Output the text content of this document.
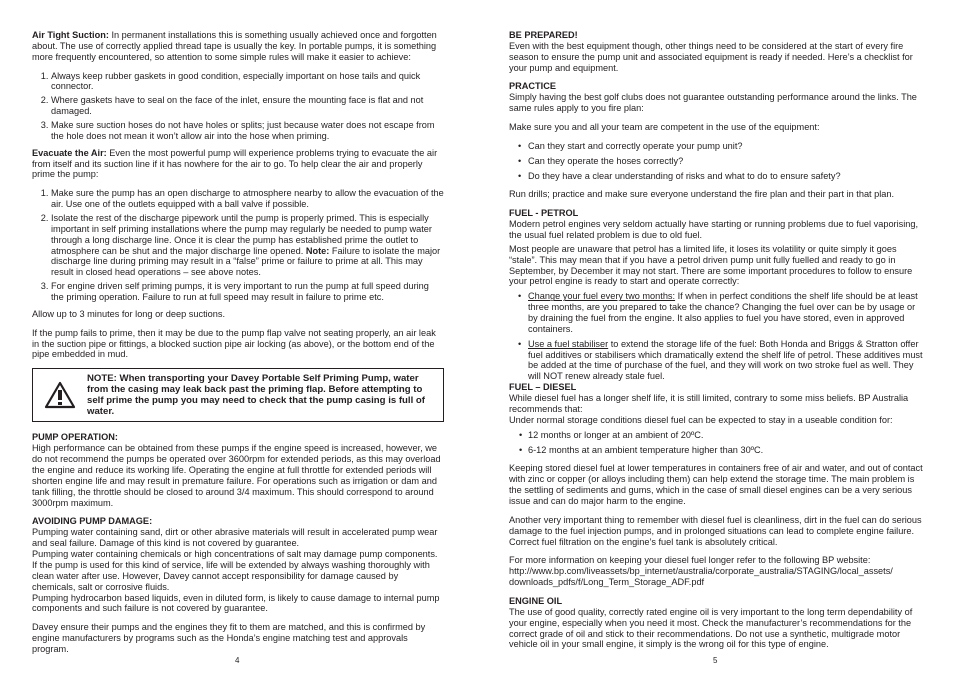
Air Tight Suction: In permanent installations this is something usually achieved once and forgotten about. The use of correctly applied thread tape is usually the key. In portable pumps, it is something more frequently encountered, so attention to some simple rules will make it easier to achieve:

1. Always keep rubber gaskets in good condition, especially important on hose tails and quick connector.
2. Where gaskets have to seal on the face of the inlet, ensure the mounting face is flat and not damaged.
3. Make sure suction hoses do not have holes or splits; just because water does not escape from the hole does not mean it won’t allow air into the hose when priming.

Evacuate the Air: Even the most powerful pump will experience problems trying to evacuate the air from itself and its suction line if it has nowhere for the air to go. To help clear the air and properly prime the pump:

1. Make sure the pump has an open discharge to atmosphere nearby to allow the evacuation of the air. Use one of the outlets equipped with a ball valve if possible.
2. Isolate the rest of the discharge pipework until the pump is properly primed. This is especially important in self priming installations where the pump may regularly be needed to pump water through a long discharge line. Once it is clear the pump has established prime the outlet to atmosphere can be shut and the major discharge line opened. Note: Failure to isolate the major discharge line during priming may result in a “false” prime or failure to prime at all. This may result in closed head operations – see above notes.
3. For engine driven self priming pumps, it is very important to run the pump at full speed during the priming operation. Failure to run at full speed may result in failure to prime etc.

Allow up to 3 minutes for long or deep suctions.

If the pump fails to prime, then it may be due to the pump flap valve not seating properly, an air leak in the suction pipe or fittings, a blocked suction pipe air locking (as above), or the bottom end of the pipe embedded in mud.

NOTE: When transporting your Davey Portable Self Priming Pump, water from the casing may leak back past the priming flap. Before attempting to self prime the pump you may need to check that the pump casing is full of water.

PUMP OPERATION:
High performance can be obtained from these pumps if the engine speed is increased, however, we do not recommend the pumps be operated over 3600rpm for extended periods, as this may overload the engine and reduce its working life. Operating the engine at full throttle for extended periods will shorten engine life and may result in premature failure. For operations such as irrigation or dam and tank filling, the throttle should be closed to around 3/4 maximum. This should correspond to around 3000rpm maximum.

AVOIDING PUMP DAMAGE:
Pumping water containing sand, dirt or other abrasive materials will result in accelerated pump wear and seal failure. Damage of this kind is not covered by guarantee.
Pumping water containing chemicals or high concentrations of salt may damage pump components. If the pump is used for this kind of service, life will be extended by always washing thoroughly with clean water after use. However, Davey cannot accept responsibility for damage caused by chemicals, salt or corrosive fluids.
Pumping hydrocarbon based liquids, even in diluted form, is likely to cause damage to internal pump components and such failure is not covered by guarantee.

Davey ensure their pumps and the engines they fit to them are matched, and this is confirmed by engine manufacturers by programs such as the Honda’s engine matching test and approvals program.

4

BE PREPARED!
Even with the best equipment though, other things need to be considered at the start of every fire season to ensure the pump unit and associated equipment is ready if needed. Here’s a checklist for your pump and equipment.

PRACTICE
Simply having the best golf clubs does not guarantee outstanding performance around the links. The same rules apply to you fire plan:

Make sure you and all your team are competent in the use of the equipment:

• Can they start and correctly operate your pump unit?
• Can they operate the hoses correctly?
• Do they have a clear understanding of risks and what to do to ensure safety?

Run drills; practice and make sure everyone understand the fire plan and their part in that plan.

FUEL - PETROL
Modern petrol engines very seldom actually have starting or running problems due to fuel vaporising, the usual fuel related problem is due to old fuel.

Most people are unaware that petrol has a limited life, it loses its volatility or quite simply it goes “stale”. This may mean that if you have a petrol driven pump unit fully fuelled and ready to go in September, by December it may not start. There are some important procedures to follow to ensure your petrol engine is ready to start and operate correctly:

• Change your fuel every two months: If when in perfect conditions the shelf life should be at least three months, are you prepared to take the chance? Changing the fuel over can be by usage or by draining the fuel from the engine. It also applies to fuel you have stored, even in approved containers.
• Use a fuel stabiliser to extend the storage life of the fuel: Both Honda and Briggs & Stratton offer fuel additives or stabilisers which dramatically extend the shelf life of petrol. These additives must be added at the time of purchase of the fuel, and they will work on two stroke fuel as well. They will NOT renew already stale fuel.

FUEL – DIESEL
While diesel fuel has a longer shelf life, it is still limited, contrary to some miss beliefs. BP Australia recommends that:
Under normal storage conditions diesel fuel can be expected to stay in a useable condition for:

• 12 months or longer at an ambient of 20ºC.
• 6-12 months at an ambient temperature higher than 30ºC.

Keeping stored diesel fuel at lower temperatures in containers free of air and water, and out of contact with zinc or copper (or alloys including them) can help extend the storage time. The main problem is the settling of sediments and gums, which in the case of small diesel engines can be a very serious issue and can do major harm to the engine.

Another very important thing to remember with diesel fuel is cleanliness, dirt in the fuel can do serious damage to the fuel injection pumps, and in prolonged situations can lead to complete engine failure. Correct fuel filtration on the engine’s fuel tank is absolutely critical.

For more information on keeping your diesel fuel longer refer to the following BP website:
http://www.bp.com/liveassets/bp_internet/australia/corporate_australia/STAGING/local_assets/
downloads_pdfs/f/Long_Term_Storage_ADF.pdf

ENGINE OIL
The use of good quality, correctly rated engine oil is very important to the long term dependability of your engine, especially when you need it most. Check the manufacturer’s recommendations for the correct grade of oil and stick to their recommendations. Do not use a synthetic, multigrade motor vehicle oil in your small engine, it simply is the wrong oil for this type of engine.

5
